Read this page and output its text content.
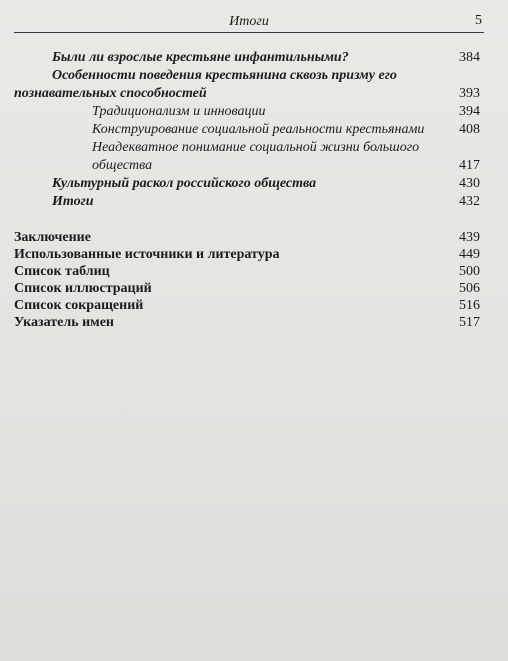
Итоги	5
Были ли взрослые крестьяне инфантильными?	384
Особенности поведения крестьянина сквозь призму его
познавательных способностей	393
Традиционализм и инновации	394
Конструирование социальной реальности крестьянами 408
Неадекватное понимание социальной жизни большого
общества	417
Культурный раскол российского общества	430
Итоги	432
Заключение	439
Использованные источники и литература	449
Список таблиц	500
Список иллюстраций	506
Список сокращений	516
Указатель имен	517
